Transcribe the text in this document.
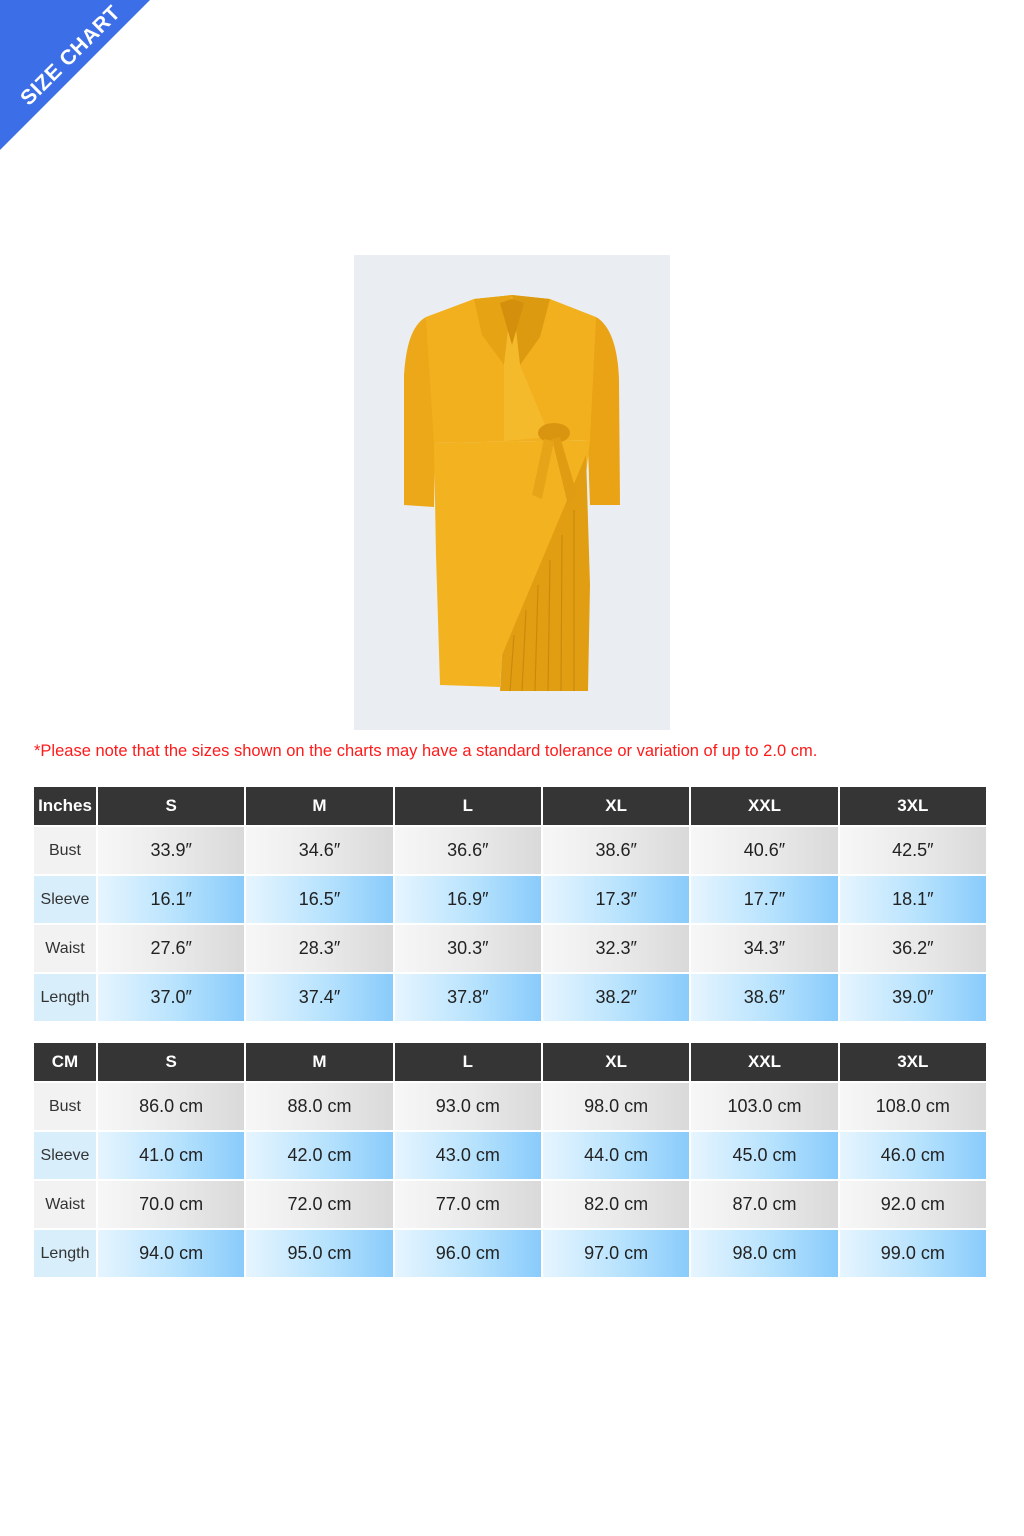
SIZE CHART
*Please note that the sizes shown on the charts may have a standard tolerance or variation of up to 2.0 cm.
Inches	S	M	L	XL	XXL	3XL
Bust	33.9″	34.6″	36.6″	38.6″	40.6″	42.5″
Sleeve	16.1″	16.5″	16.9″	17.3″	17.7″	18.1″
Waist	27.6″	28.3″	30.3″	32.3″	34.3″	36.2″
Length	37.0″	37.4″	37.8″	38.2″	38.6″	39.0″
CM	S	M	L	XL	XXL	3XL
Bust	86.0 cm	88.0 cm	93.0 cm	98.0 cm	103.0 cm	108.0 cm
Sleeve	41.0 cm	42.0 cm	43.0 cm	44.0 cm	45.0 cm	46.0 cm
Waist	70.0 cm	72.0 cm	77.0 cm	82.0 cm	87.0 cm	92.0 cm
Length	94.0 cm	95.0 cm	96.0 cm	97.0 cm	98.0 cm	99.0 cm
